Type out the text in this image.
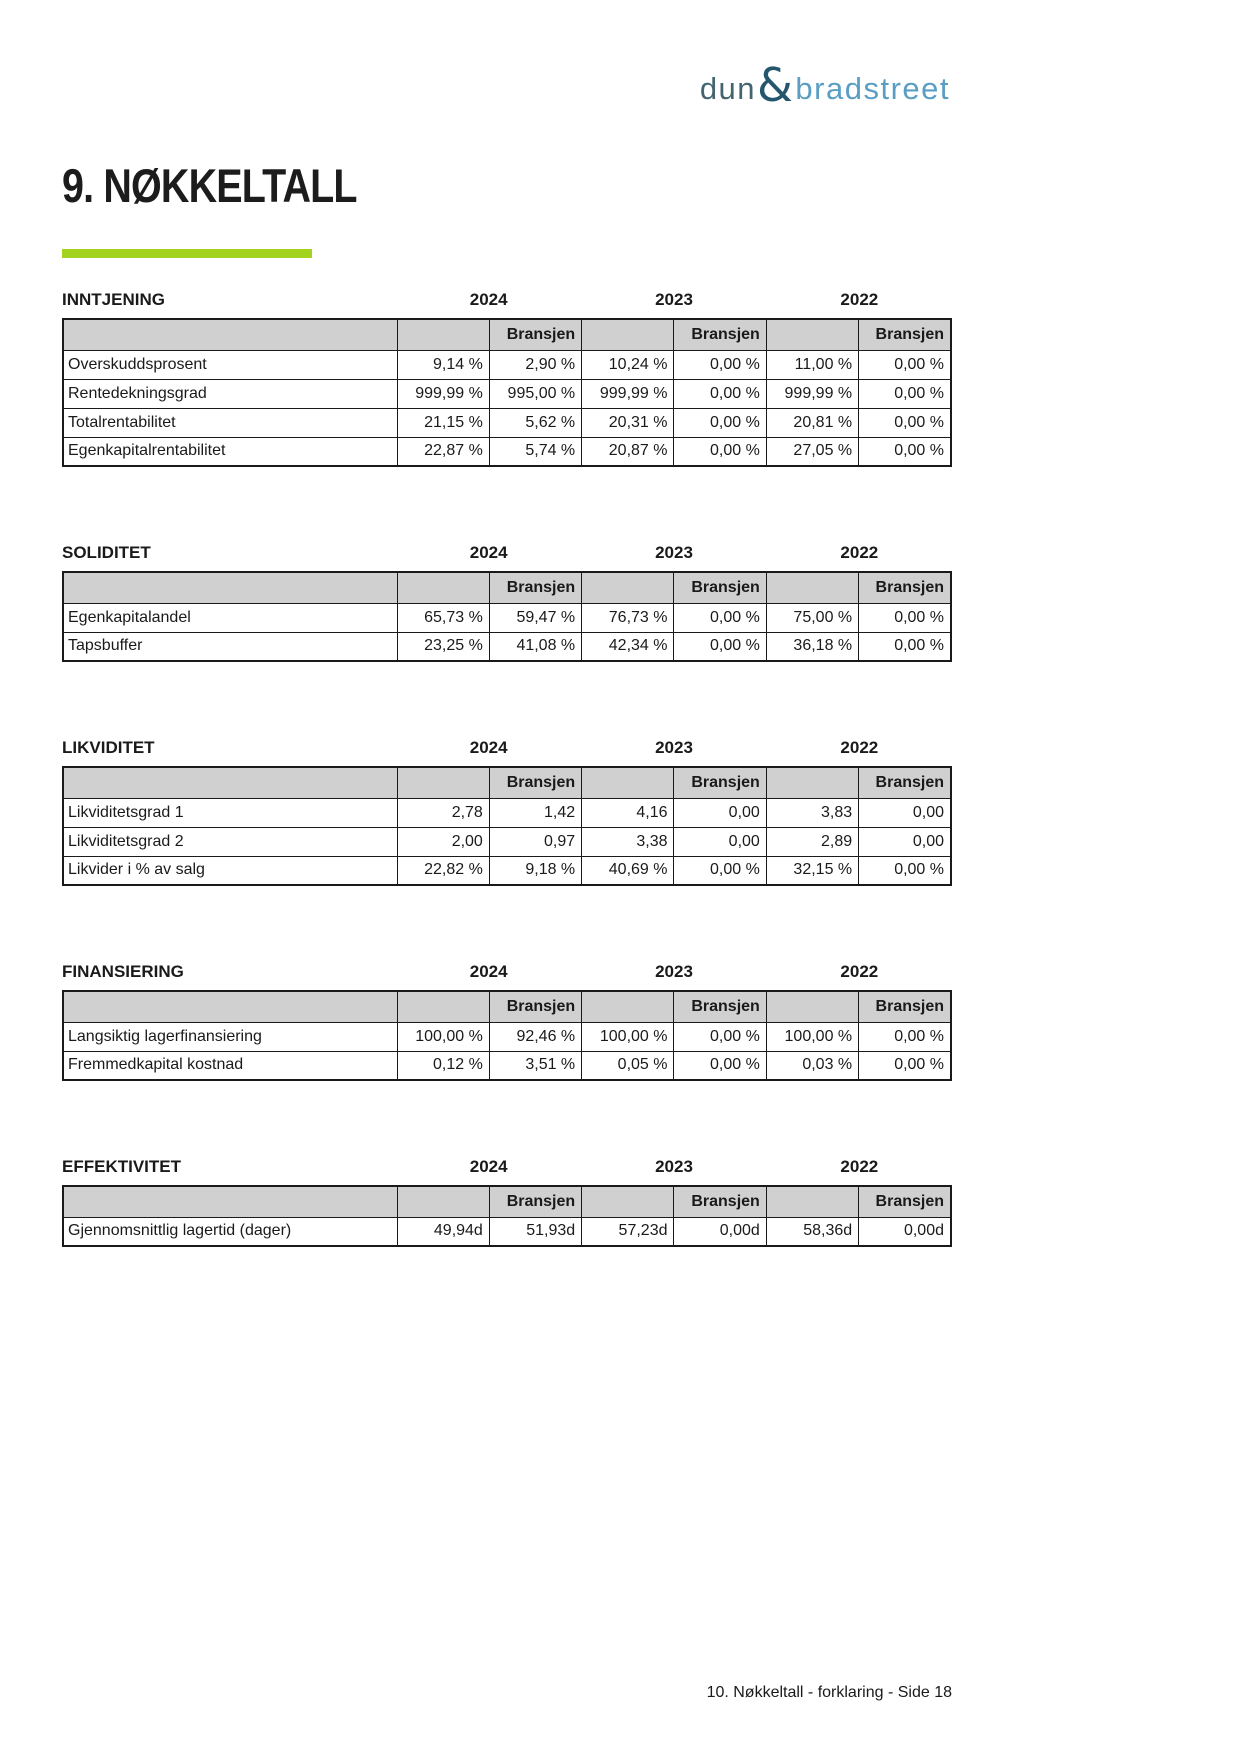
dun & bradstreet
9. NØKKELTALL
INNTJENING	2024	2023	2022
		Bransjen		Bransjen		Bransjen
Overskuddsprosent	9,14 %	2,90 %	10,24 %	0,00 %	11,00 %	0,00 %
Rentedekningsgrad	999,99 %	995,00 %	999,99 %	0,00 %	999,99 %	0,00 %
Totalrentabilitet	21,15 %	5,62 %	20,31 %	0,00 %	20,81 %	0,00 %
Egenkapitalrentabilitet	22,87 %	5,74 %	20,87 %	0,00 %	27,05 %	0,00 %
SOLIDITET	2024	2023	2022
		Bransjen		Bransjen		Bransjen
Egenkapitalandel	65,73 %	59,47 %	76,73 %	0,00 %	75,00 %	0,00 %
Tapsbuffer	23,25 %	41,08 %	42,34 %	0,00 %	36,18 %	0,00 %
LIKVIDITET	2024	2023	2022
		Bransjen		Bransjen		Bransjen
Likviditetsgrad 1	2,78	1,42	4,16	0,00	3,83	0,00
Likviditetsgrad 2	2,00	0,97	3,38	0,00	2,89	0,00
Likvider i % av salg	22,82 %	9,18 %	40,69 %	0,00 %	32,15 %	0,00 %
FINANSIERING	2024	2023	2022
		Bransjen		Bransjen		Bransjen
Langsiktig lagerfinansiering	100,00 %	92,46 %	100,00 %	0,00 %	100,00 %	0,00 %
Fremmedkapital kostnad	0,12 %	3,51 %	0,05 %	0,00 %	0,03 %	0,00 %
EFFEKTIVITET	2024	2023	2022
		Bransjen		Bransjen		Bransjen
Gjennomsnittlig lagertid (dager)	49,94d	51,93d	57,23d	0,00d	58,36d	0,00d
10. Nøkkeltall - forklaring - Side 18
